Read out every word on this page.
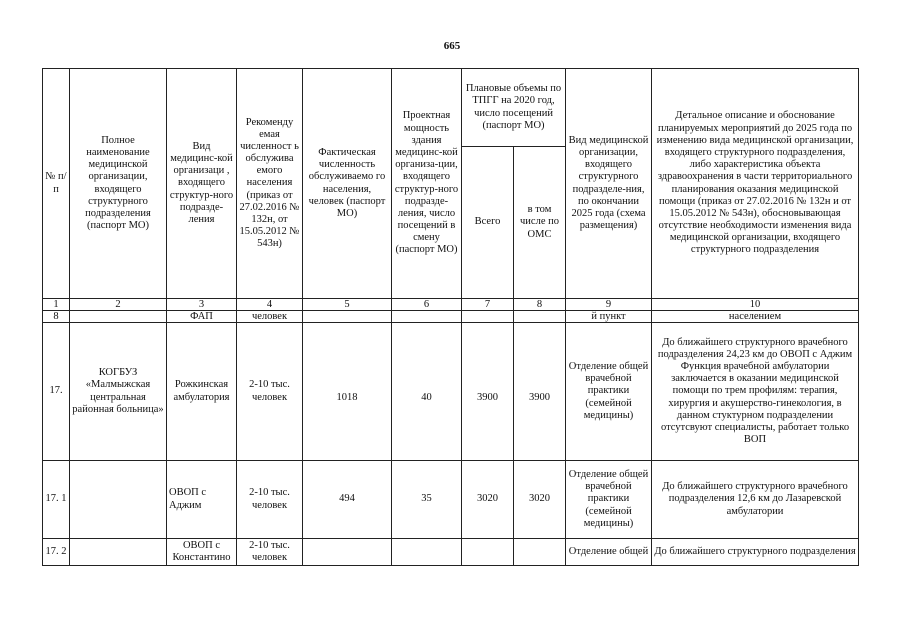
665
№ п/п	Полное наименование медицинской организации, входящего структурного подразделения (паспорт МО)	Вид медицинс-кой организаци , входящего структур-ного подразде-ления	Рекоменду емая численност ь обслужива емого населения (приказ от 27.02.2016 № 132н, от 15.05.2012 № 543н)	Фактическая численность обслуживаемо го населения, человек (паспорт МО)	Проектная мощность здания медицинс-кой организа-ции, входящего структур-ного подразде-ления, число посещений в смену (паспорт МО)	Плановые объемы по ТПГГ на 2020 год, число посещений (паспорт МО)		Вид медицинской организации, входящего структурного подразделе-ния, по окончании 2025 года (схема размещения)	Детальное описание и обоснование планируемых мероприятий до 2025 года по изменению вида медицинской организации, входящего структурного подразделения, либо характеристика объекта здравоохранения в части территориального планирования оказания медицинской помощи (приказ от 27.02.2016 № 132н и от 15.05.2012 № 543н), обосновывающая отсутствие необходимости изменения вида медицинской организации, входящего структурного подразделения
						Всего	в том числе по ОМС		
1	2	3	4	5	6	7	8	9	10
8		ФАП	человек					й пункт	населением
17.	КОГБУЗ «Малмыжская центральная районная больница»	Рожкинская амбулатория	2-10 тыс. человек	1018	40	3900	3900	Отделение общей врачебной практики (семейной медицины)	До ближайшего структурного врачебного подразделения 24,23 км до ОВОП с Аджим Функция врачебной амбулатории заключается в оказании медицинской помощи по трем профилям: терапия, хирургия и акушерство-гинекология, в данном стуктурном подразделении отсутсвуют специалисты, работает только ВОП
17. 1		ОВОП с Аджим	2-10 тыс. человек	494	35	3020	3020	Отделение общей врачебной практики (семейной медицины)	До ближайшего структурного врачебного подразделения 12,6 км до Лазаревской амбулатории
17. 2		ОВОП с Константино	2-10 тыс. человек					Отделение общей	До ближайшего структурного подразделения
